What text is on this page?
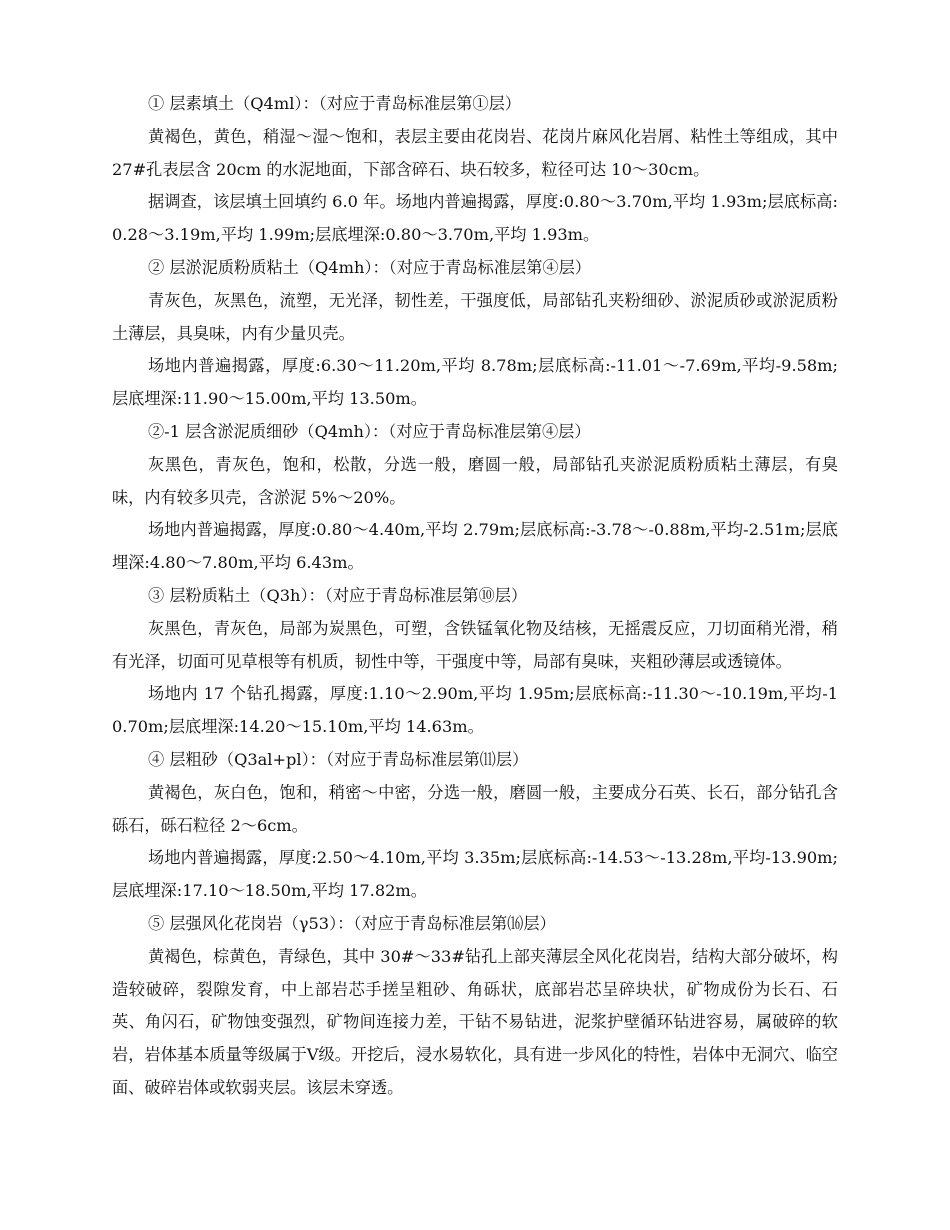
① 层素填土（Q4ml）：（对应于青岛标准层第①层）

黄褐色，黄色，稍湿～湿～饱和，表层主要由花岗岩、花岗片麻风化岩屑、粘性土等组成，其中 27#孔表层含 20cm 的水泥地面，下部含碎石、块石较多，粒径可达 10～30cm。

据调查，该层填土回填约 6.0 年。场地内普遍揭露，厚度:0.80～3.70m,平均 1.93m;层底标高:0.28～3.19m,平均 1.99m;层底埋深:0.80～3.70m,平均 1.93m。

② 层淤泥质粉质粘土（Q4mh）：（对应于青岛标准层第④层）

青灰色，灰黑色，流塑，无光泽，韧性差，干强度低，局部钻孔夹粉细砂、淤泥质砂或淤泥质粉土薄层，具臭味，内有少量贝壳。

场地内普遍揭露，厚度:6.30～11.20m,平均 8.78m;层底标高:-11.01～-7.69m,平均-9.58m;层底埋深:11.90～15.00m,平均 13.50m。

②-1 层含淤泥质细砂（Q4mh）：（对应于青岛标准层第④层）

灰黑色，青灰色，饱和，松散，分选一般，磨圆一般，局部钻孔夹淤泥质粉质粘土薄层，有臭味，内有较多贝壳，含淤泥 5%～20%。

场地内普遍揭露，厚度:0.80～4.40m,平均 2.79m;层底标高:-3.78～-0.88m,平均-2.51m;层底埋深:4.80～7.80m,平均 6.43m。

③ 层粉质粘土（Q3h）：（对应于青岛标准层第⑩层）

灰黑色，青灰色，局部为炭黑色，可塑，含铁锰氧化物及结核，无摇震反应，刀切面稍光滑，稍有光泽，切面可见草根等有机质，韧性中等，干强度中等，局部有臭味，夹粗砂薄层或透镜体。

场地内 17 个钻孔揭露，厚度:1.10～2.90m,平均 1.95m;层底标高:-11.30～-10.19m,平均-10.70m;层底埋深:14.20～15.10m,平均 14.63m。

④ 层粗砂（Q3al+pl）：（对应于青岛标准层第⑾层）

黄褐色，灰白色，饱和，稍密～中密，分选一般，磨圆一般，主要成分石英、长石，部分钻孔含砾石，砾石粒径 2～6cm。

场地内普遍揭露，厚度:2.50～4.10m,平均 3.35m;层底标高:-14.53～-13.28m,平均-13.90m;层底埋深:17.10～18.50m,平均 17.82m。

⑤ 层强风化花岗岩（γ53）：（对应于青岛标准层第⒃层）

黄褐色，棕黄色，青绿色，其中 30#～33#钻孔上部夹薄层全风化花岗岩，结构大部分破坏，构造较破碎，裂隙发育，中上部岩芯手搓呈粗砂、角砾状，底部岩芯呈碎块状，矿物成份为长石、石英、角闪石，矿物蚀变强烈，矿物间连接力差，干钻不易钻进，泥浆护壁循环钻进容易，属破碎的软岩，岩体基本质量等级属于Ⅴ级。开挖后，浸水易软化，具有进一步风化的特性，岩体中无洞穴、临空面、破碎岩体或软弱夹层。该层未穿透。
